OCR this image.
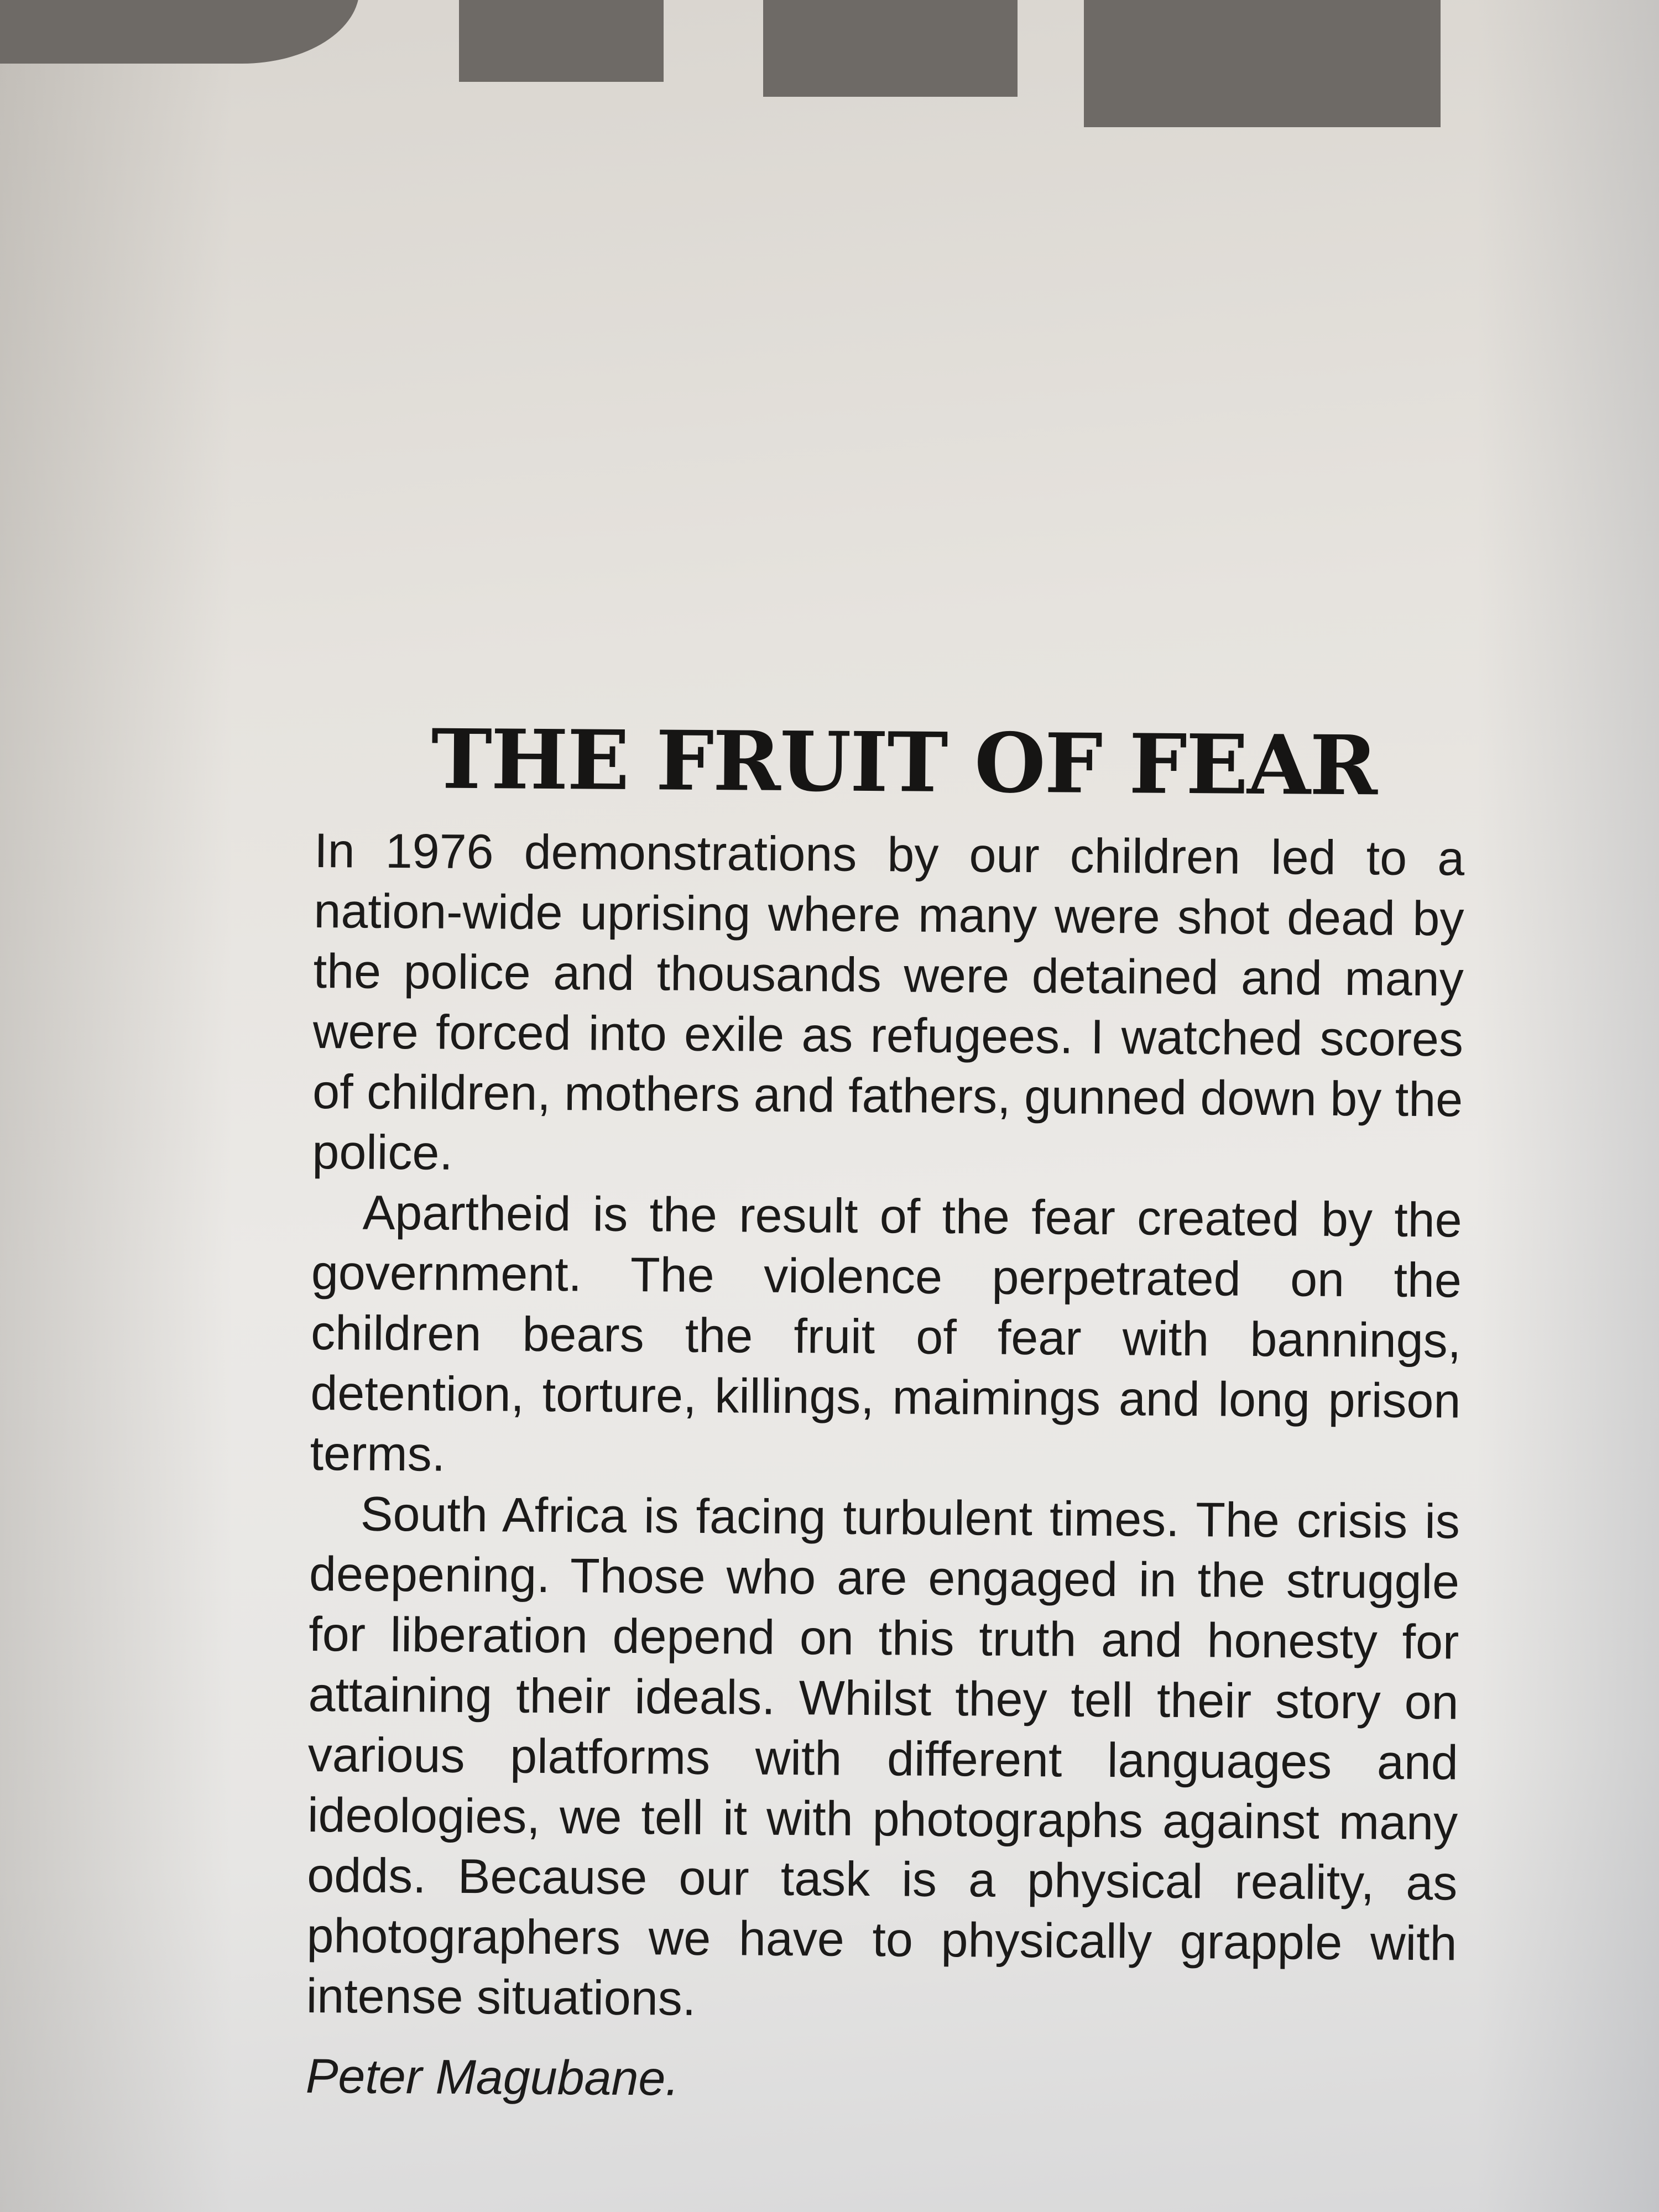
THE FRUIT OF FEAR

In 1976 demonstrations by our children led to a nation-wide uprising where many were shot dead by the police and thousands were detained and many were forced into exile as refugees. I watched scores of children, mothers and fathers, gunned down by the police.

Apartheid is the result of the fear created by the government. The violence perpetrated on the children bears the fruit of fear with bannings, detention, torture, killings, maimings and long prison terms.

South Africa is facing turbulent times. The crisis is deepening. Those who are engaged in the struggle for liberation depend on this truth and honesty for attaining their ideals. Whilst they tell their story on various platforms with different languages and ideologies, we tell it with photographs against many odds. Because our task is a physical reality, as photographers we have to physically grapple with intense situations.

Peter Magubane.
